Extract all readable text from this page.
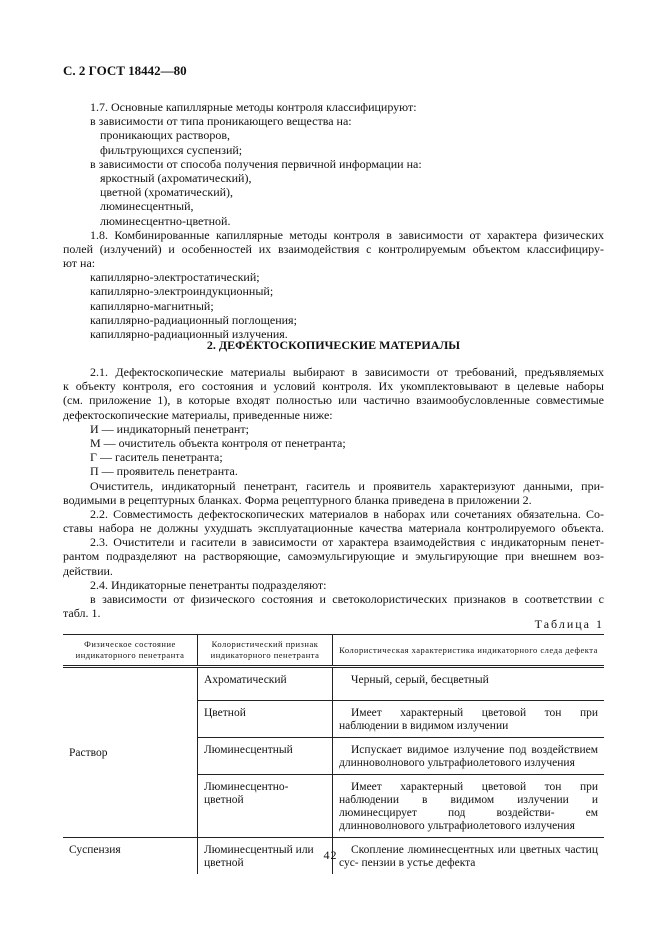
С. 2 ГОСТ 18442—80
1.7. Основные капиллярные методы контроля классифицируют:
в зависимости от типа проникающего вещества на:
проникающих растворов,
фильтрующихся суспензий;
в зависимости от способа получения первичной информации на:
яркостный (ахроматический),
цветной (хроматический),
люминесцентный,
люминесцентно-цветной.
1.8. Комбинированные капиллярные методы контроля в зависимости от характера физических
полей (излучений) и особенностей их взаимодействия с контролируемым объектом классифициру-
ют на:
капиллярно-электростатический;
капиллярно-электроиндукционный;
капиллярно-магнитный;
капиллярно-радиационный поглощения;
капиллярно-радиационный излучения.
2. ДЕФЕКТОСКОПИЧЕСКИЕ МАТЕРИАЛЫ
2.1. Дефектоскопические материалы выбирают в зависимости от требований, предъявляемых
к объекту контроля, его состояния и условий контроля. Их укомплектовывают в целевые наборы
(см. приложение 1), в которые входят полностью или частично взаимообусловленные совместимые
дефектоскопические материалы, приведенные ниже:
И — индикаторный пенетрант;
М — очиститель объекта контроля от пенетранта;
Г — гаситель пенетранта;
П — проявитель пенетранта.
Очиститель, индикаторный пенетрант, гаситель и проявитель характеризуют данными, при-
водимыми в рецептурных бланках. Форма рецептурного бланка приведена в приложении 2.
2.2. Совместимость дефектоскопических материалов в наборах или сочетаниях обязательна. Со-
ставы набора не должны ухудшать эксплуатационные качества материала контролируемого объекта.
2.3. Очистители и гасители в зависимости от характера взаимодействия с индикаторным пенет-
рантом подразделяют на растворяющие, самоэмульгирующие и эмульгирующие при внешнем воз-
действии.
2.4. Индикаторные пенетранты подразделяют:
в зависимости от физического состояния и светоколористических признаков в соответствии с
табл. 1.
Таблица 1
Физическое состояние индикаторного пенетранта	Колористический признак индикаторного пенетранта	Колористическая характеристика индикаторного следа дефекта
Раствор	Ахроматический	Черный, серый, бесцветный
	Цветной	Имеет характерный цветовой тон при наблюдении в видимом излучении
	Люминесцентный	Испускает видимое излучение под воздействием длинноволнового ультрафиолетового излучения
	Люминесцентно-цветной	Имеет характерный цветовой тон при наблюдении в видимом излучении и люминесцирует под воздействи- ем длинноволнового ультрафиолетового излучения
Суспензия	Люминесцентный или цветной	Скопление люминесцентных или цветных частиц сус- пензии в устье дефекта
42
